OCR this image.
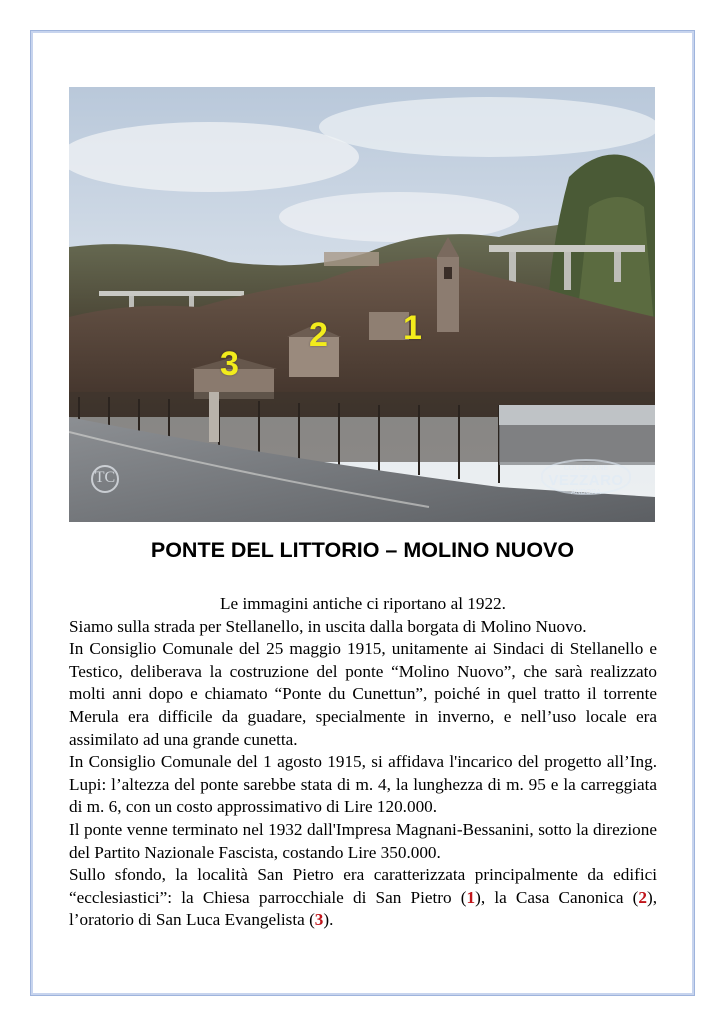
1
2
3
TC
COLLEZIONE
VEZZARO
ANDORA
PONTE DEL LITTORIO – MOLINO NUOVO

Le immagini antiche ci riportano al 1922.

Siamo sulla strada per Stellanello, in uscita dalla borgata di Molino Nuovo.

In Consiglio Comunale del 25 maggio 1915, unitamente ai Sindaci di Stellanello e Testico, deliberava la costruzione del ponte “Molino Nuovo”, che sarà realizzato molti anni dopo e chiamato “Ponte du Cunettun”, poiché in quel tratto il torrente Merula era difficile da guadare, specialmente in inverno, e nell’uso locale era assimilato ad una grande cunetta.

In Consiglio Comunale del 1 agosto 1915, si affidava l'incarico del progetto all’Ing. Lupi: l’altezza del ponte sarebbe stata di m. 4, la lunghezza di m. 95 e la carreggiata di m. 6, con un costo approssimativo di Lire 120.000.

Il ponte venne terminato nel 1932 dall'Impresa Magnani-Bessanini, sotto la direzione del Partito Nazionale Fascista, costando Lire 350.000.

Sullo sfondo, la località San Pietro era caratterizzata principalmente da edifici “ecclesiastici”: la Chiesa parrocchiale di San Pietro (1), la Casa Canonica (2), l’oratorio di San Luca Evangelista (3).
